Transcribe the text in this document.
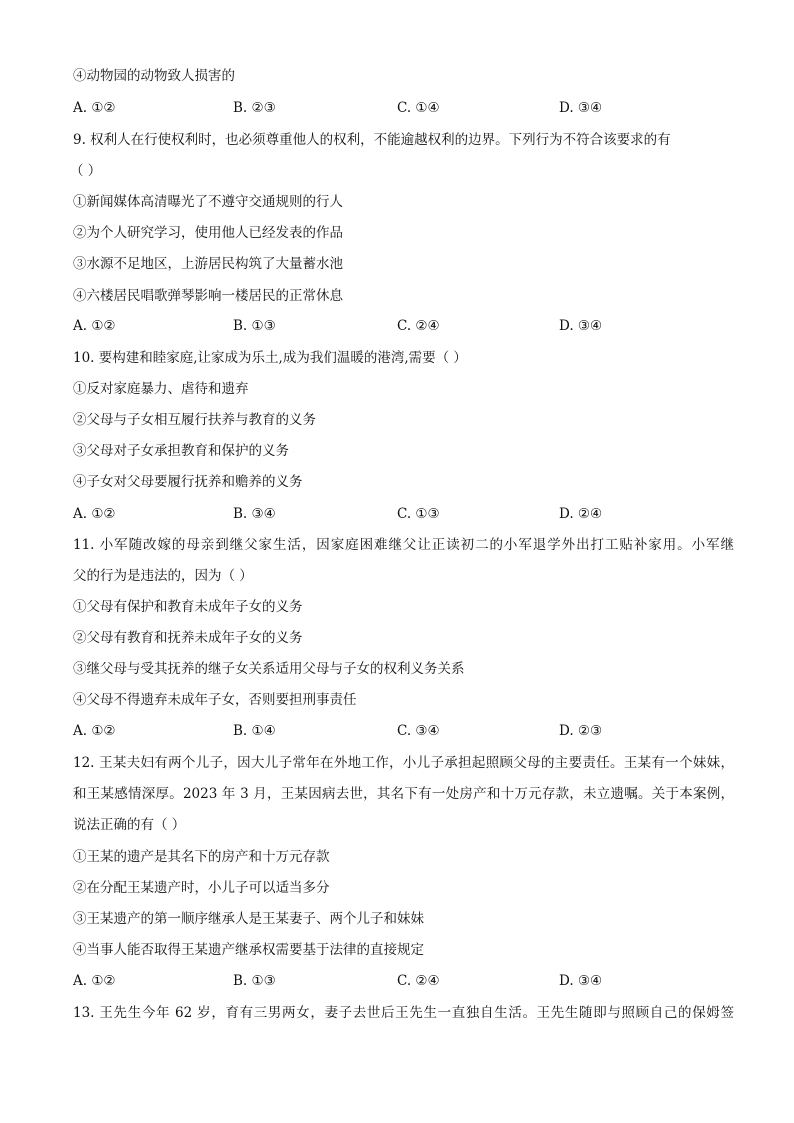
④动物园的动物致人损害的
A. ①②	B. ②③	C. ①④	D. ③④
9. 权利人在行使权利时，也必须尊重他人的权利，不能逾越权利的边界。下列行为不符合该要求的有
（ ）
①新闻媒体高清曝光了不遵守交通规则的行人
②为个人研究学习，使用他人已经发表的作品
③水源不足地区，上游居民构筑了大量蓄水池
④六楼居民唱歌弹琴影响一楼居民的正常休息
A. ①②	B. ①③	C. ②④	D. ③④
10. 要构建和睦家庭,让家成为乐土,成为我们温暖的港湾,需要（ ）
①反对家庭暴力、虐待和遗弃
②父母与子女相互履行扶养与教育的义务
③父母对子女承担教育和保护的义务
④子女对父母要履行抚养和赡养的义务
A. ①②	B. ③④	C. ①③	D. ②④
11. 小军随改嫁的母亲到继父家生活，因家庭困难继父让正读初二的小军退学外出打工贴补家用。小军继
父的行为是违法的，因为（ ）
①父母有保护和教育未成年子女的义务
②父母有教育和抚养未成年子女的义务
③继父母与受其抚养的继子女关系适用父母与子女的权利义务关系
④父母不得遗弃未成年子女，否则要担刑事责任
A. ①②	B. ①④	C. ③④	D. ②③
12. 王某夫妇有两个儿子，因大儿子常年在外地工作，小儿子承担起照顾父母的主要责任。王某有一个妹妹，
和王某感情深厚。2023 年 3 月，王某因病去世，其名下有一处房产和十万元存款，未立遗嘱。关于本案例，
说法正确的有（ ）
①王某的遗产是其名下的房产和十万元存款
②在分配王某遗产时，小儿子可以适当多分
③王某遗产的第一顺序继承人是王某妻子、两个儿子和妹妹
④当事人能否取得王某遗产继承权需要基于法律的直接规定
A. ①②	B. ①③	C. ②④	D. ③④
13. 王先生今年 62 岁，育有三男两女，妻子去世后王先生一直独自生活。王先生随即与照顾自己的保姆签
